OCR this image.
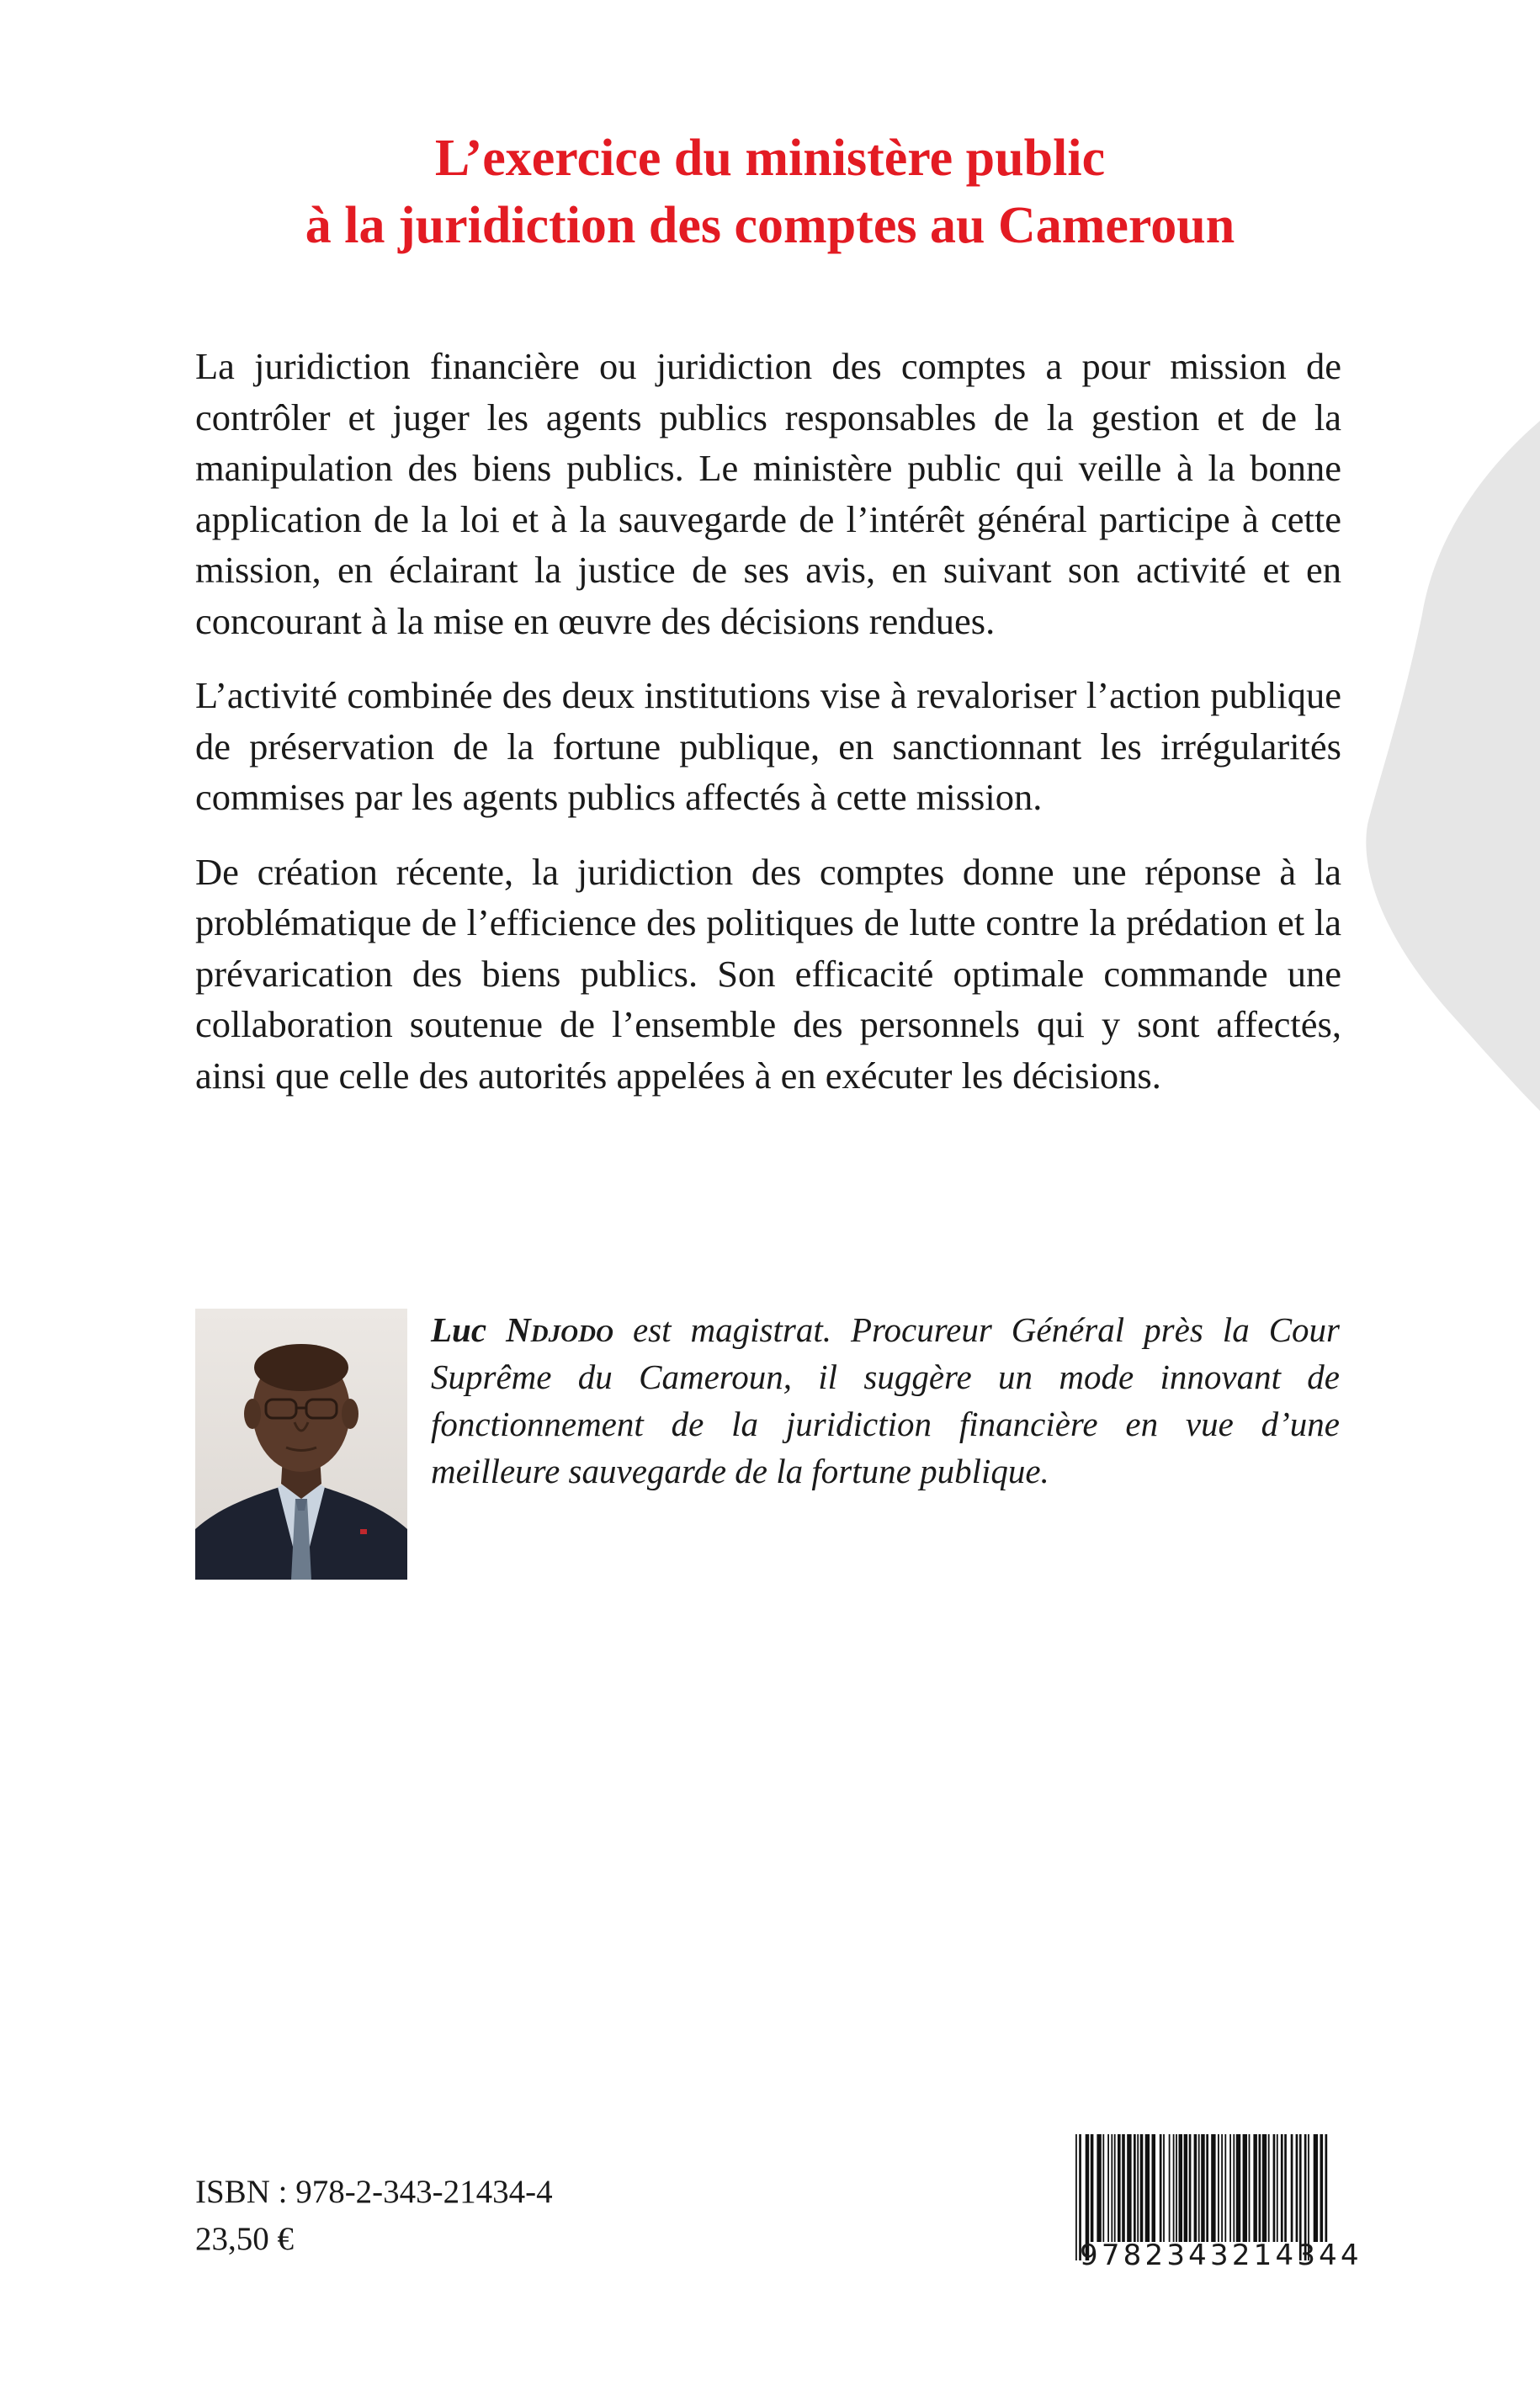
L’exercice du ministère public
à la juridiction des comptes au Cameroun

La juridiction financière ou juridiction des comptes a pour mission de contrôler et juger les agents publics responsables de la gestion et de la manipulation des biens publics. Le ministère public qui veille à la bonne application de la loi et à la sauvegarde de l’intérêt général participe à cette mission, en éclairant la justice de ses avis, en suivant son activité et en concourant à la mise en œuvre des décisions rendues.

L’activité combinée des deux institutions vise à revaloriser l’action publique de préservation de la fortune publique, en sanctionnant les irrégularités commises par les agents publics affectés à cette mission.

De création récente, la juridiction des comptes donne une réponse à la problématique de l’efficience des politiques de lutte contre la prédation et la prévarication des biens publics. Son efficacité optimale commande une collaboration soutenue de l’ensemble des personnels qui y sont affectés, ainsi que celle des autorités appelées à en exécuter les décisions.

Luc Ndjodo est magistrat. Procureur Général près la Cour Suprême du Cameroun, il suggère un mode innovant de fonctionnement de la juridiction financière en vue d’une meilleure sauvegarde de la fortune publique.
ISBN : 978-2-343-21434-4
23,50 €	9782343214344
